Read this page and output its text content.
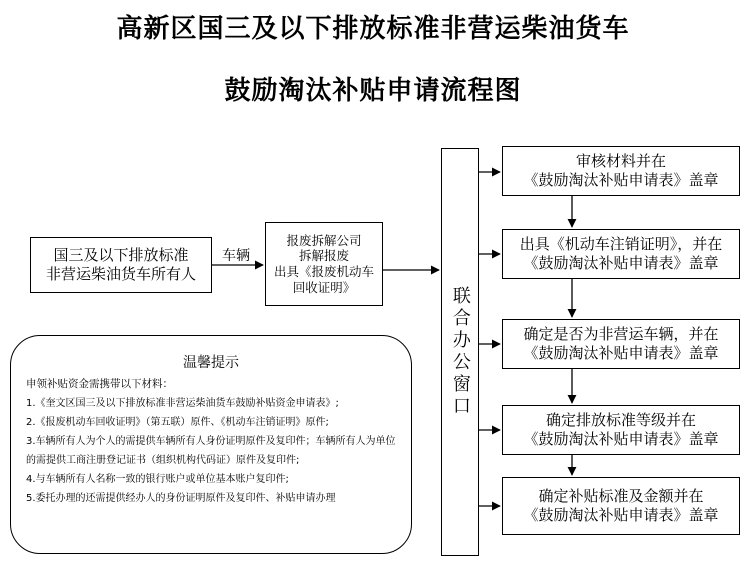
高新区国三及以下排放标准非营运柴油货车
鼓励淘汰补贴申请流程图
国三及以下排放标准
非营运柴油货车所有人
车辆
报废拆解公司
拆解报废
出具《报废机动车
回收证明》	联合办公窗口
审核材料并在
《鼓励淘汰补贴申请表》盖章
出具《机动车注销证明》，并在
《鼓励淘汰补贴申请表》盖章
确定是否为非营运车辆，并在
《鼓励淘汰补贴申请表》盖章
确定排放标准等级并在
《鼓励淘汰补贴申请表》盖章
确定补贴标准及金额并在
《鼓励淘汰补贴申请表》盖章
温馨提示
申领补贴资金需携带以下材料：
1.《奎文区国三及以下排放标准非营运柴油货车鼓励补贴资金申请表》;
2.《报废机动车回收证明》（第五联）原件、《机动车注销证明》原件;
3.车辆所有人为个人的需提供车辆所有人身份证明原件及复印件；车辆所有人为单位的需提供工商注册登记证书（组织机构代码证）原件及复印件;
4.与车辆所有人名称一致的银行账户或单位基本账户复印件;
5.委托办理的还需提供经办人的身份证明原件及复印件、补贴申请办理
